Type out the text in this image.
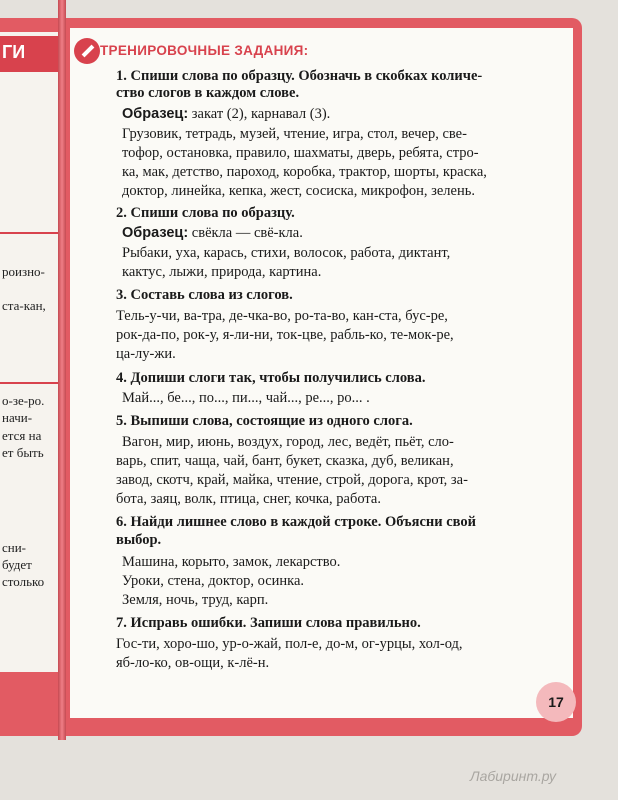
ГИ
роизно-
ста-кан,
о-зе-ро.
начи-
ется на
ет быть
сни-
будет
столько
ТРЕНИРОВОЧНЫЕ ЗАДАНИЯ:
1. Спиши слова по образцу. Обозначь в скобках количе-
ство слогов в каждом слове.
Образец: закат (2), карнавал (3).
Грузовик, тетрадь, музей, чтение, игра, стол, вечер, све-
тофор, остановка, правило, шахматы, дверь, ребята, стро-
ка, мак, детство, пароход, коробка, трактор, шорты, краска,
доктор, линейка, кепка, жест, сосиска, микрофон, зелень.
2. Спиши слова по образцу.
Образец: свёкла — свё-кла.
Рыбаки, уха, карась, стихи, волосок, работа, диктант,
кактус, лыжи, природа, картина.
3. Составь слова из слогов.
Тель-у-чи, ва-тра, де-чка-во, ро-та-во, кан-ста, бус-ре,
рок-да-по, рок-у, я-ли-ни, ток-цве, рабль-ко, те-мок-ре,
ца-лу-жи.
4. Допиши слоги так, чтобы получились слова.
Май..., бе..., по..., пи..., чай..., ре..., ро... .
5. Выпиши слова, состоящие из одного слога.
Вагон, мир, июнь, воздух, город, лес, ведёт, пьёт, сло-
варь, спит, чаща, чай, бант, букет, сказка, дуб, великан,
завод, скотч, край, майка, чтение, строй, дорога, крот, за-
бота, заяц, волк, птица, снег, кочка, работа.
6. Найди лишнее слово в каждой строке. Объясни свой
выбор.
Машина, корыто, замок, лекарство.
Уроки, стена, доктор, осинка.
Земля, ночь, труд, карп.
7. Исправь ошибки. Запиши слова правильно.
Гос-ти, хоро-шо, ур-о-жай, пол-е, до-м, ог-урцы, хол-од,
яб-ло-ко, ов-ощи, к-лё-н.
17
Лабиринт.ру
